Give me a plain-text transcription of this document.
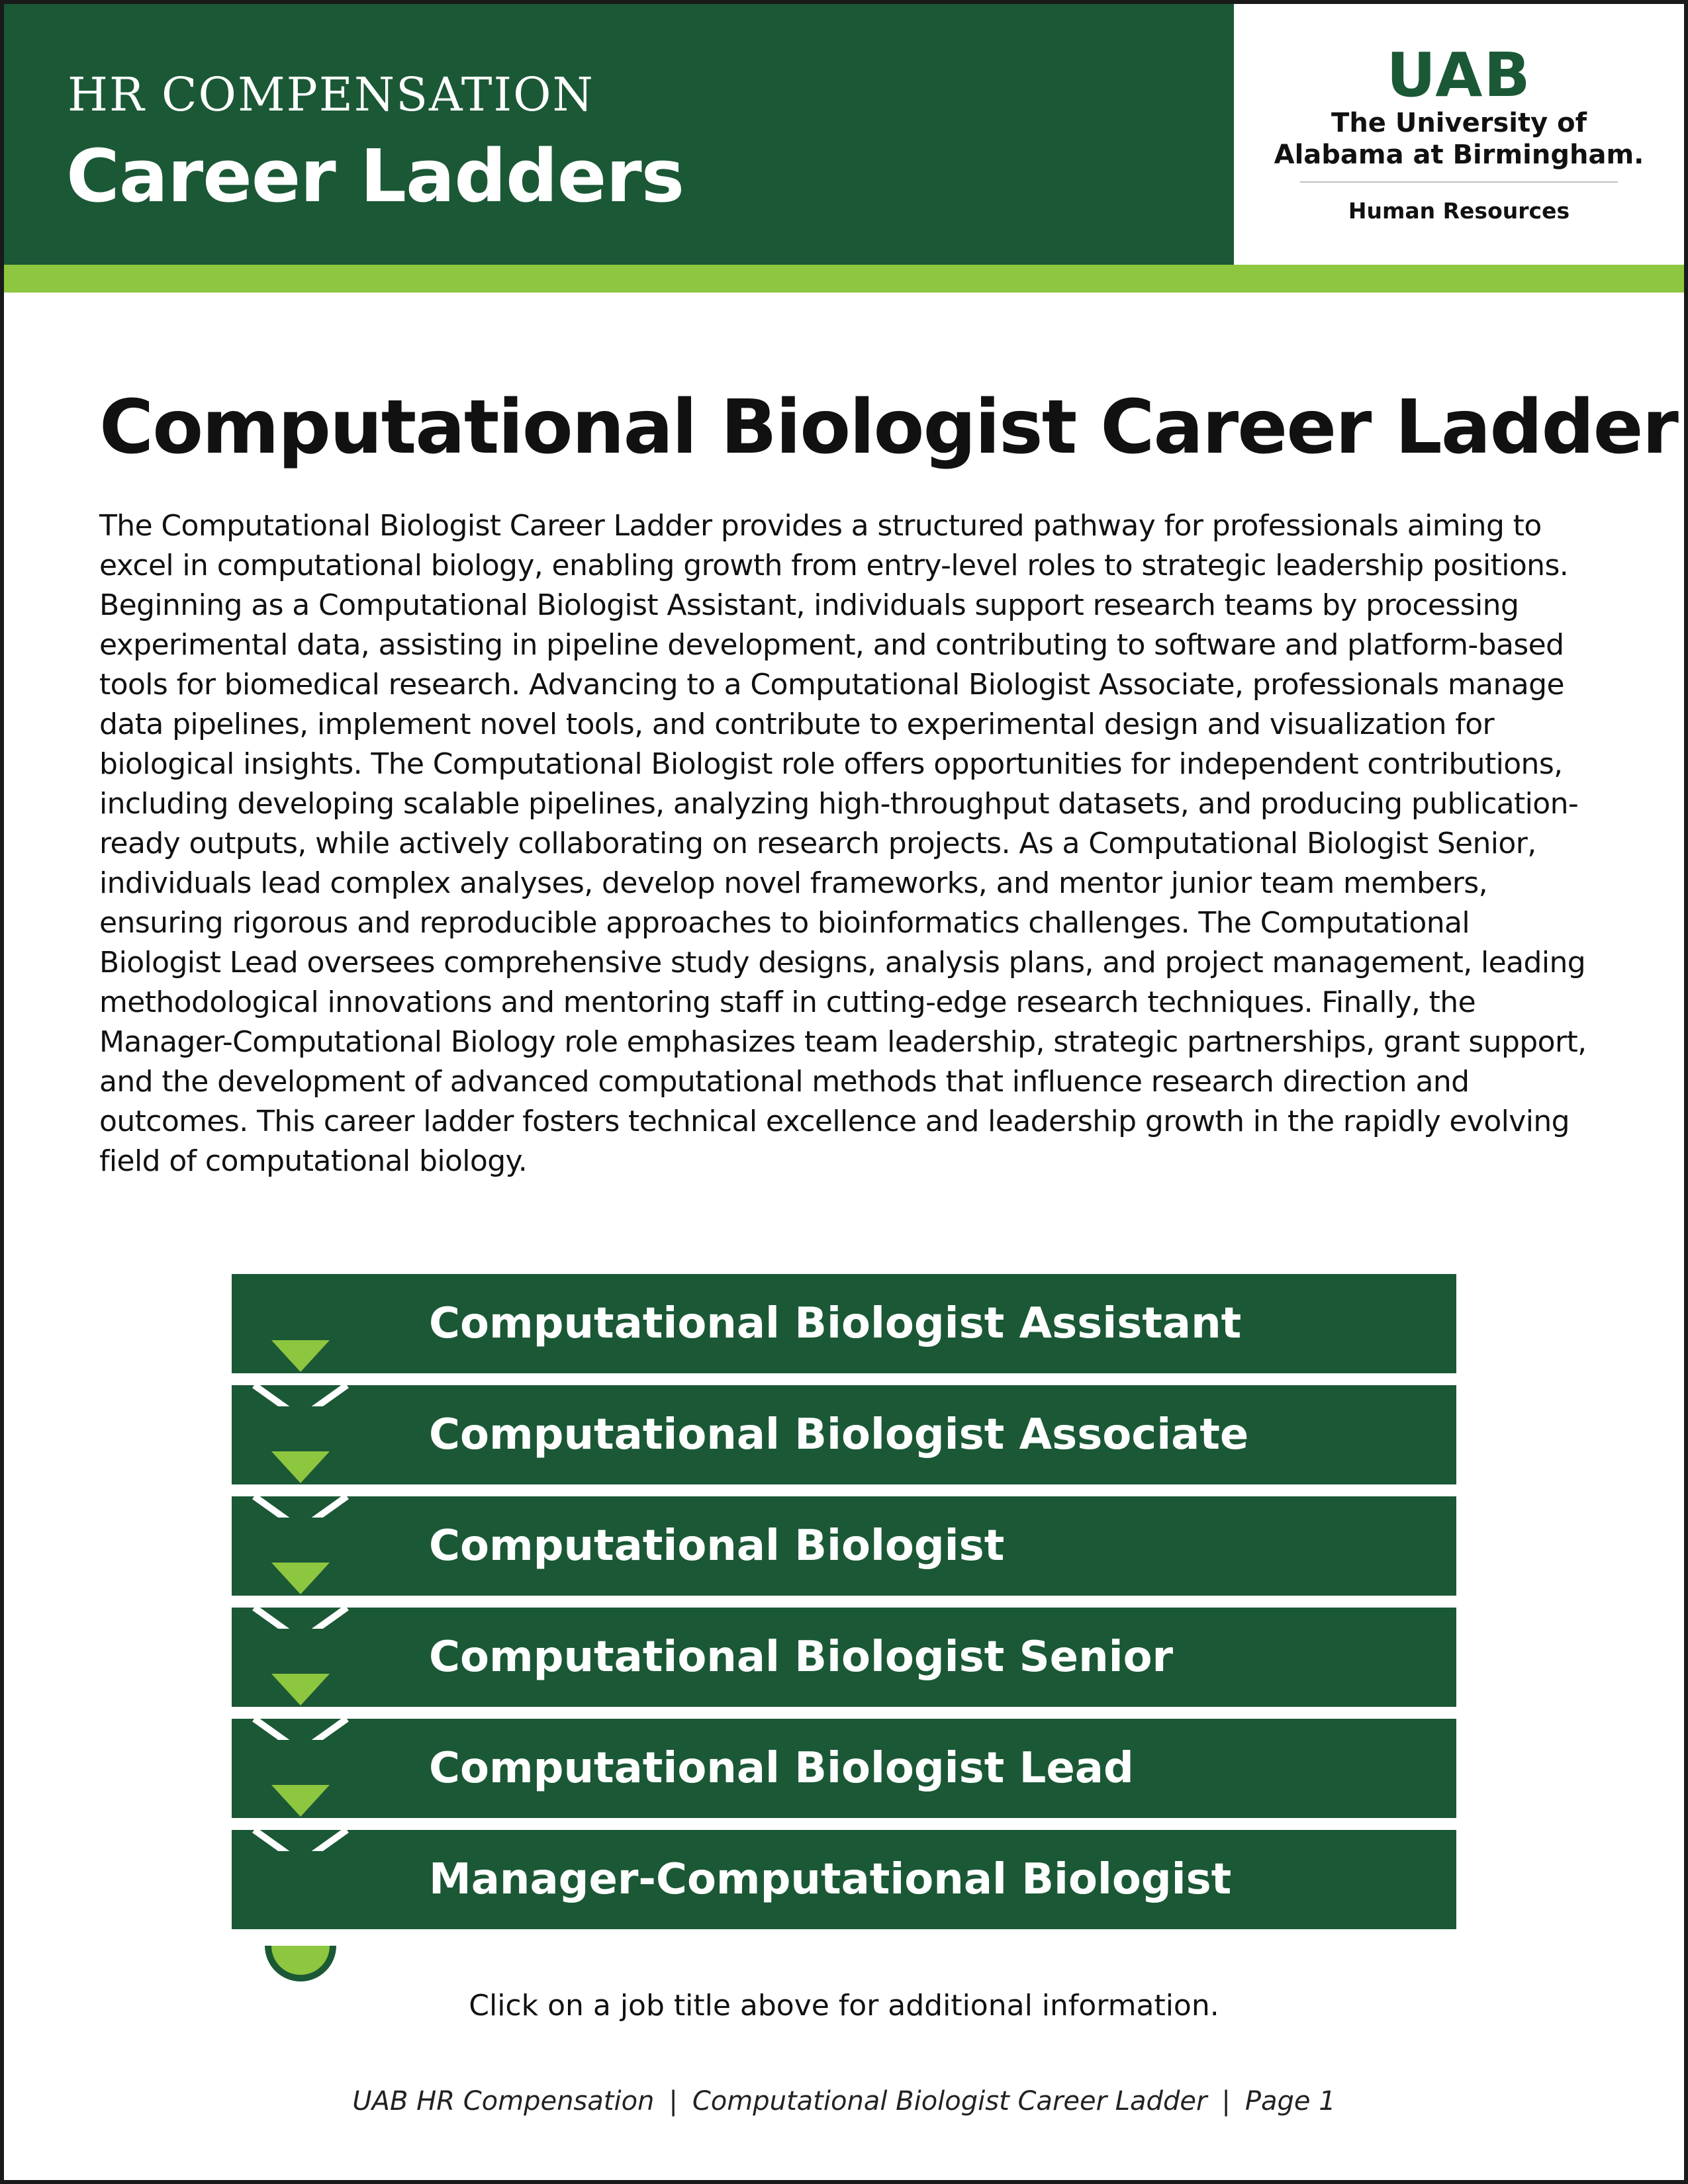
HR COMPENSATION
Career Ladders

UAB

The University of

Alabama at Birmingham.

Human Resources

Computational Biologist Career Ladder

The Computational Biologist Career Ladder provides a structured pathway for professionals aiming to excel in computational biology, enabling growth from entry-level roles to strategic leadership positions. Beginning as a Computational Biologist Assistant, individuals support research teams by processing experimental data, assisting in pipeline development, and contributing to software and platform-based tools for biomedical research. Advancing to a Computational Biologist Associate, professionals manage data pipelines, implement novel tools, and contribute to experimental design and visualization for biological insights. The Computational Biologist role offers opportunities for independent contributions, including developing scalable pipelines, analyzing high-throughput datasets, and producing publication-ready outputs, while actively collaborating on research projects. As a Computational Biologist Senior, individuals lead complex analyses, develop novel frameworks, and mentor junior team members, ensuring rigorous and reproducible approaches to bioinformatics challenges. The Computational Biologist Lead oversees comprehensive study designs, analysis plans, and project management, leading methodological innovations and mentoring staff in cutting-edge research techniques. Finally, the Manager-Computational Biology role emphasizes team leadership, strategic partnerships, grant support, and the development of advanced computational methods that influence research direction and outcomes. This career ladder fosters technical excellence and leadership growth in the rapidly evolving field of computational biology.

Computational Biologist Assistant
Computational Biologist Associate
Computational Biologist
Computational Biologist Senior
Computational Biologist Lead
Manager-Computational Biologist

Click on a job title above for additional information.

UAB HR Compensation | Computational Biologist Career Ladder | Page 1
